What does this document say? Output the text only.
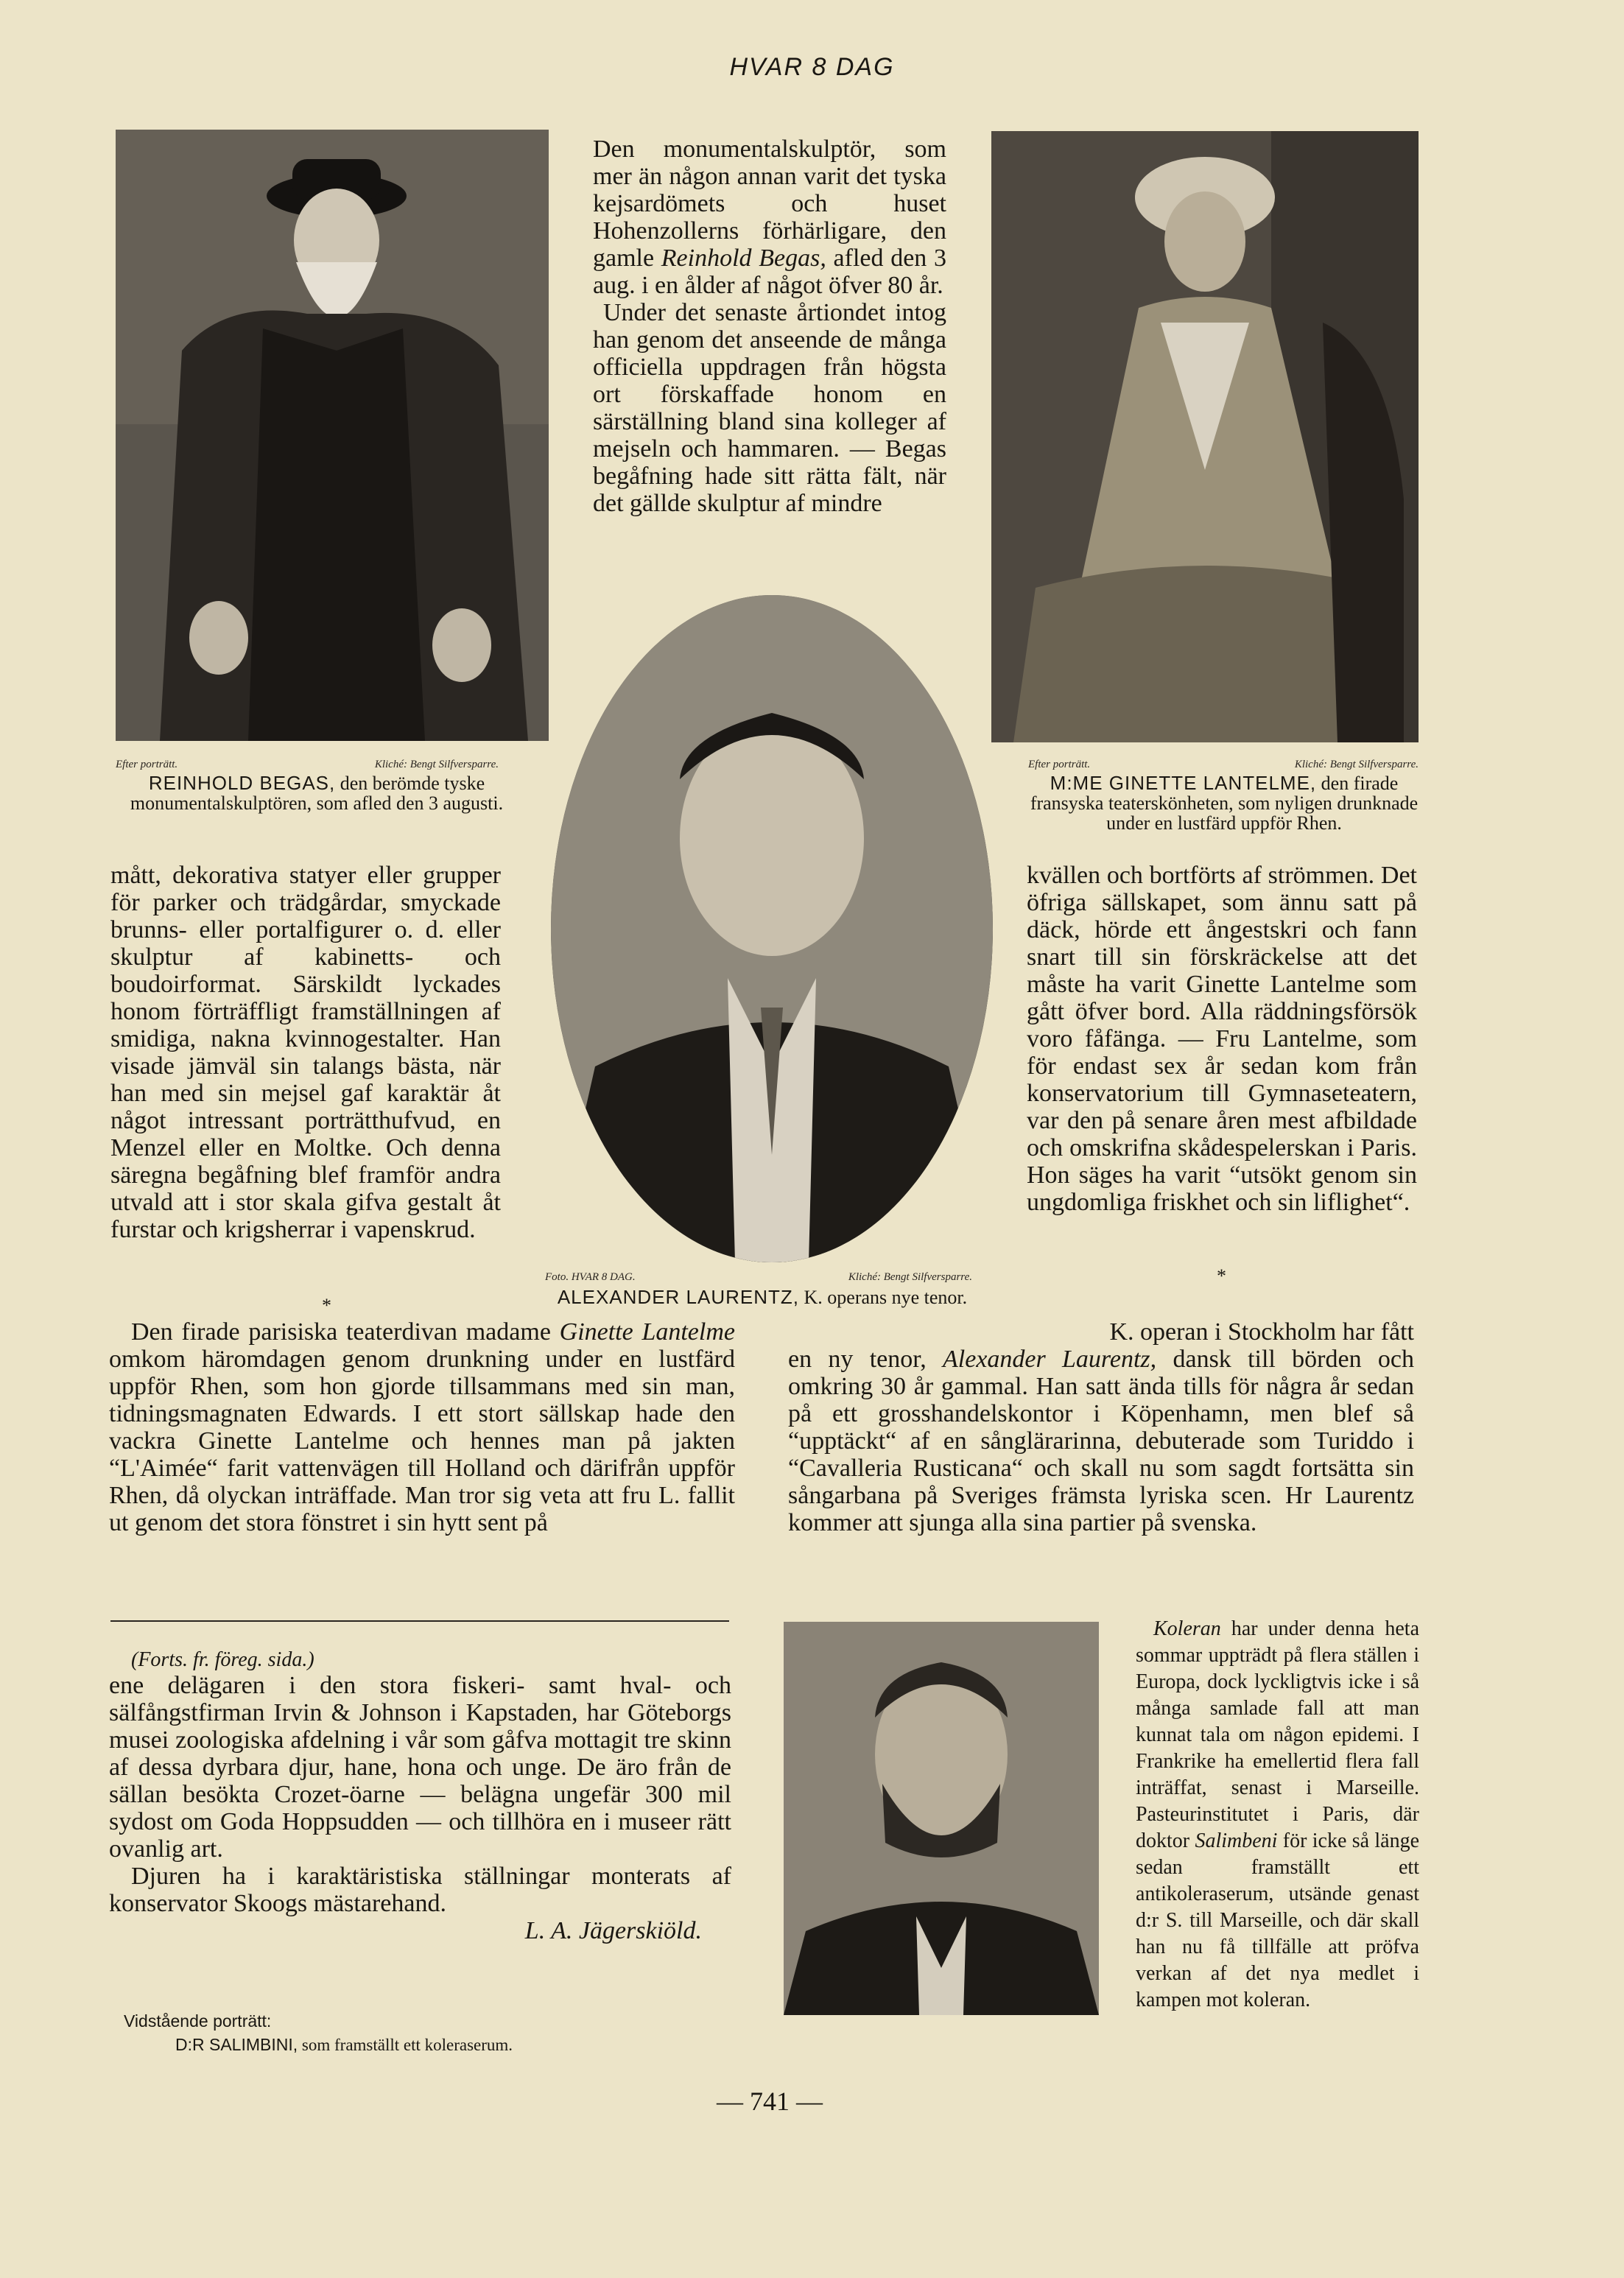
HVAR 8 DAG
Efter porträtt.	Kliché: Bengt Silfversparre.
REINHOLD BEGAS, den berömde tyske monumentalskulptören, som afled den 3 augusti.

Den monumentalskulptör, som mer än någon annan varit det tyska kejsardömets och huset Hohenzollerns förhärligare, den gamle Reinhold Begas, afled den 3 aug. i en ålder af något öfver 80 år.

Under det senaste årtiondet intog han genom det anseende de många officiella uppdragen från högsta ort förskaffade honom en särställning bland sina kolleger af mejseln och hammaren. — Begas begåfning hade sitt rätta fält, när det gällde skulptur af mindre

Efter porträtt.	Kliché: Bengt Silfversparre.
M:ME GINETTE LANTELME, den firade fransyska teaterskönheten, som nyligen drunknade under en lustfärd uppför Rhen.
Foto. HVAR 8 DAG.	Kliché: Bengt Silfversparre.
ALEXANDER LAURENTZ, K. operans nye tenor.

mått, dekorativa statyer eller grupper för parker och trädgårdar, smyckade brunns- eller portalfigurer o. d. eller skulptur af kabinetts- och boudoirformat. Särskildt lyckades honom förträffligt framställningen af smidiga, nakna kvinnogestalter. Han visade jämväl sin talangs bästa, när han med sin mejsel gaf karaktär åt något intressant porträtthufvud, en Menzel eller en Moltke. Och denna säregna begåfning blef framför andra utvald att i stor skala gifva gestalt åt furstar och krigsherrar i vapenskrud.

kvällen och bortförts af strömmen. Det öfriga sällskapet, som ännu satt på däck, hörde ett ångestskri och fann snart till sin förskräckelse att det måste ha varit Ginette Lantelme som gått öfver bord. Alla räddningsförsök voro fåfänga. — Fru Lantelme, som för endast sex år sedan kom från konservatorium till Gymnaseteatern, var den på senare åren mest afbildade och omskrifna skådespelerskan i Paris. Hon säges ha varit “utsökt genom sin ungdomliga friskhet och sin liflighet“.

*
*

Den firade parisiska teaterdivan madame Ginette Lantelme omkom häromdagen genom drunkning under en lustfärd uppför Rhen, som hon gjorde tillsammans med sin man, tidningsmagnaten Edwards. I ett stort sällskap hade den vackra Ginette Lantelme och hennes man på jakten “L'Aimée“ farit vattenvägen till Holland och därifrån uppför Rhen, då olyckan inträffade. Man tror sig veta att fru L. fallit ut genom det stora fönstret i sin hytt sent på

K. operan i Stockholm har fått

en ny tenor, Alexander Laurentz, dansk till börden och omkring 30 år gammal. Han satt ända tills för några år sedan på ett grosshandelskontor i Köpenhamn, men blef så “upptäckt“ af en sånglärarinna, debuterade som Turiddo i “Cavalleria Rusticana“ och skall nu som sagdt fortsätta sin sångarbana på Sveriges främsta lyriska scen. Hr Laurentz kommer att sjunga alla sina partier på svenska.

(Forts. fr. föreg. sida.)

ene delägaren i den stora fiskeri- samt hval- och sälfångstfirman Irvin & Johnson i Kapstaden, har Göteborgs musei zoologiska afdelning i vår som gåfva mottagit tre skinn af dessa dyrbara djur, hane, hona och unge. De äro från de sällan besökta Crozet-öarne — belägna ungefär 300 mil sydost om Goda Hoppsudden — och tillhöra en i museer rätt ovanlig art.

Djuren ha i karaktäristiska ställningar monterats af konservator Skoogs mästarehand.

L. A. Jägerskiöld.

Vidstående porträtt:
D:R SALIMBINI, som framställt ett koleraserum.

Koleran har under denna heta sommar uppträdt på flera ställen i Europa, dock lyckligtvis icke i så många samlade fall att man kunnat tala om någon epidemi. I Frankrike ha emellertid flera fall inträffat, senast i Marseille. Pasteurinstitutet i Paris, där doktor Salimbeni för icke så länge sedan framställt ett antikoleraserum, utsände genast d:r S. till Marseille, och där skall han nu få tillfälle att pröfva verkan af det nya medlet i kampen mot koleran.

— 741 —
